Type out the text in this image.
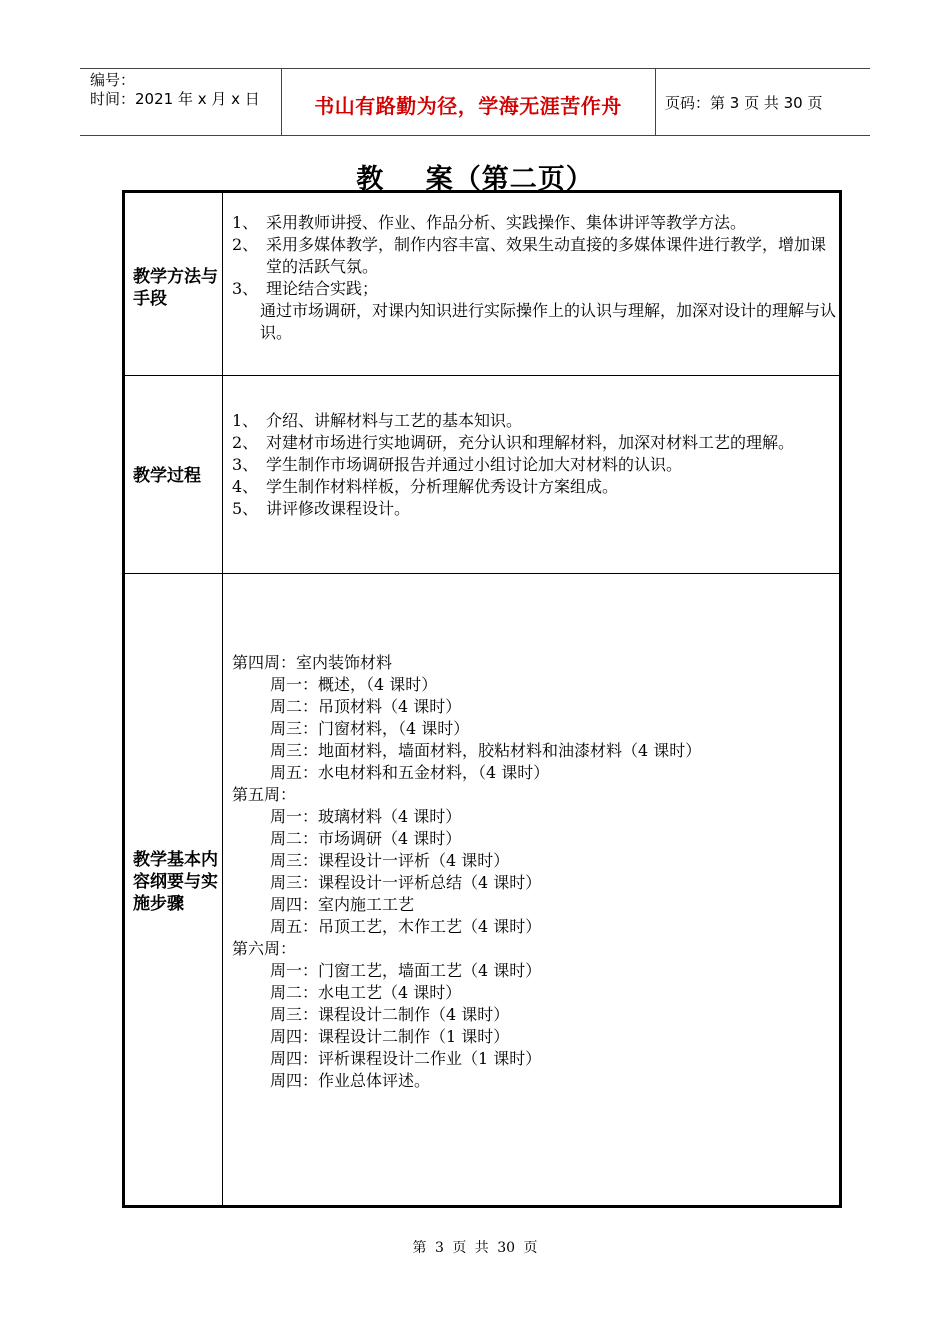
编号：
时间：2021 年 x 月 x 日	书山有路勤为径，学海无涯苦作舟	页码：第 3 页 共 30 页
教    案（第二页）
教学方法与手段
1、 采用教师讲授、作业、作品分析、实践操作、集体讲评等教学方法。
2、 采用多媒体教学，制作内容丰富、效果生动直接的多媒体课件进行教学，增加课堂的活跃气氛。
3、 理论结合实践；
通过市场调研，对课内知识进行实际操作上的认识与理解，加深对设计的理解与认识。
教学过程
1、 介绍、讲解材料与工艺的基本知识。
2、 对建材市场进行实地调研，充分认识和理解材料，加深对材料工艺的理解。
3、 学生制作市场调研报告并通过小组讨论加大对材料的认识。
4、 学生制作材料样板，分析理解优秀设计方案组成。
5、 讲评修改课程设计。
教学基本内容纲要与实施步骤
第四周：室内装饰材料
周一：概述，（4 课时）
周二：吊顶材料（4 课时）
周三：门窗材料，（4 课时）
周三：地面材料，墙面材料，胶粘材料和油漆材料（4 课时）
周五：水电材料和五金材料，（4 课时）
第五周：
周一：玻璃材料（4 课时）
周二：市场调研（4 课时）
周三：课程设计一评析（4 课时）
周三：课程设计一评析总结（4 课时）
周四：室内施工工艺
周五：吊顶工艺，木作工艺（4 课时）
第六周：
周一：门窗工艺，墙面工艺（4 课时）
周二：水电工艺（4 课时）
周三：课程设计二制作（4 课时）
周四：课程设计二制作（1 课时）
周四：评析课程设计二作业（1 课时）
周四：作业总体评述。
第 3 页 共 30 页
